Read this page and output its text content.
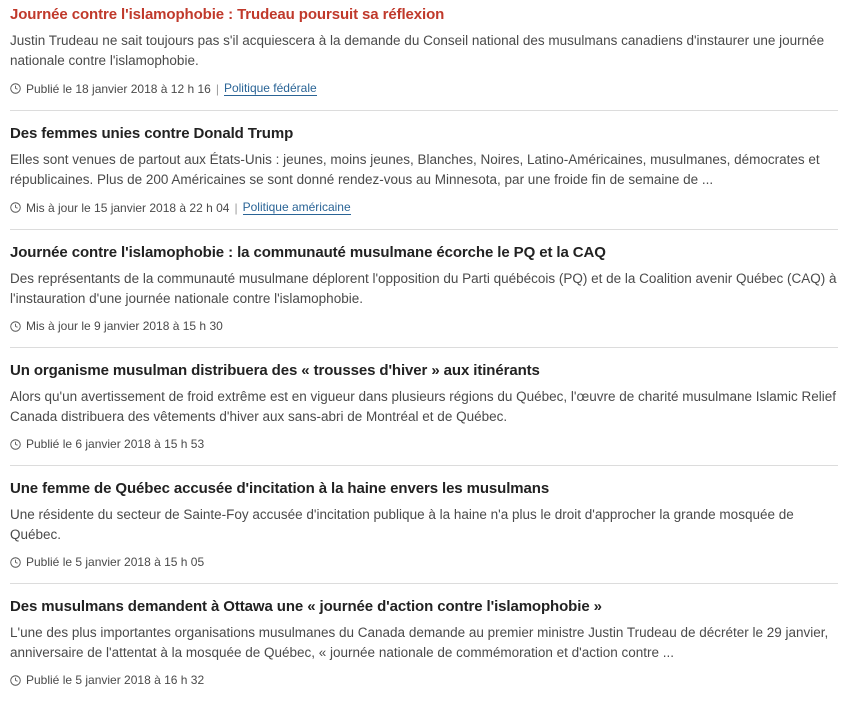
Journée contre l'islamophobie : Trudeau poursuit sa réflexion

Justin Trudeau ne sait toujours pas s'il acquiescera à la demande du Conseil national des musulmans canadiens d'instaurer une journée nationale contre l'islamophobie.

Publié le 18 janvier 2018 à 12 h 16 | Politique fédérale
Des femmes unies contre Donald Trump

Elles sont venues de partout aux États-Unis : jeunes, moins jeunes, Blanches, Noires, Latino-Américaines, musulmanes, démocrates et républicaines. Plus de 200 Américaines se sont donné rendez-vous au Minnesota, par une froide fin de semaine de ...

Mis à jour le 15 janvier 2018 à 22 h 04 | Politique américaine
Journée contre l'islamophobie : la communauté musulmane écorche le PQ et la CAQ

Des représentants de la communauté musulmane déplorent l'opposition du Parti québécois (PQ) et de la Coalition avenir Québec (CAQ) à l'instauration d'une journée nationale contre l'islamophobie.

Mis à jour le 9 janvier 2018 à 15 h 30
Un organisme musulman distribuera des « trousses d'hiver » aux itinérants

Alors qu'un avertissement de froid extrême est en vigueur dans plusieurs régions du Québec, l'œuvre de charité musulmane Islamic Relief Canada distribuera des vêtements d'hiver aux sans-abri de Montréal et de Québec.

Publié le 6 janvier 2018 à 15 h 53
Une femme de Québec accusée d'incitation à la haine envers les musulmans

Une résidente du secteur de Sainte-Foy accusée d'incitation publique à la haine n'a plus le droit d'approcher la grande mosquée de Québec.

Publié le 5 janvier 2018 à 15 h 05
Des musulmans demandent à Ottawa une « journée d'action contre l'islamophobie »

L'une des plus importantes organisations musulmanes du Canada demande au premier ministre Justin Trudeau de décréter le 29 janvier, anniversaire de l'attentat à la mosquée de Québec, « journée nationale de commémoration et d'action contre ...

Publié le 5 janvier 2018 à 16 h 32
